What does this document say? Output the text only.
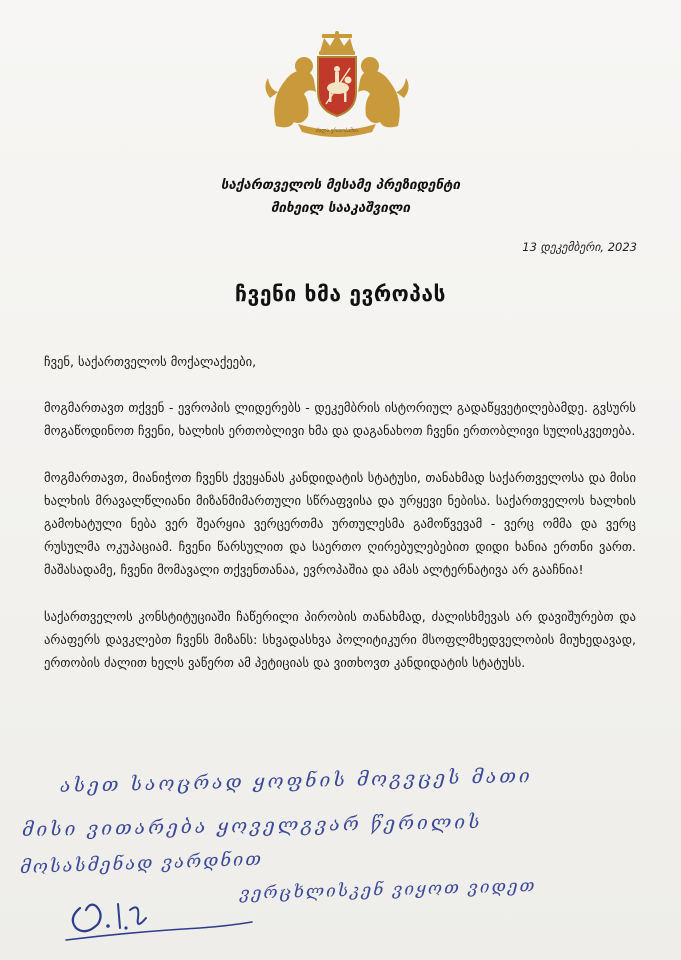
ძალა ერთობაშია
საქართველოს მესამე პრეზიდენტი
მიხეილ სააკაშვილი
13 დეკემბერი, 2023
ჩვენი ხმა ევროპას

ჩვენ, საქართველოს მოქალაქეები,

მოგმართავთ თქვენ - ევროპის ლიდერებს - დეკემბრის ისტორიულ გადაწყვეტილებამდე. გვსურს მოგაწოდინოთ ჩვენი, ხალხის ერთობლივი ხმა და დაგანახოთ ჩვენი ერთობლივი სულისკვეთება.

მოგმართავთ, მიანიჭოთ ჩვენს ქვეყანას კანდიდატის სტატუსი, თანახმად საქართველოსა და მისი ხალხის მრავალწლიანი მიზანმიმართული სწრაფვისა და ურყევი ნებისა. საქართველოს ხალხის გამოხატული ნება ვერ შეარყია ვერცერთმა ურთულესმა გამოწვევამ - ვერც ომმა და ვერც რუსულმა ოკუპაციამ. ჩვენი წარსულით და საერთო ღირებულებებით დიდი ხანია ერთნი ვართ. მაშასადამე, ჩვენი მომავალი თქვენთანაა, ევროპაშია და ამას ალტერნატივა არ გააჩნია!

საქართველოს კონსტიტუციაში ჩაწერილი პირობის თანახმად, ძალისხმევას არ დავიშურებთ და არაფერს დავკლებთ ჩვენს მიზანს: სხვადასხვა პოლიტიკური მსოფლმხედველობის მიუხედავად, ერთობის ძალით ხელს ვაწერთ ამ პეტიციას და ვითხოვთ კანდიდატის სტატუსს.

ასეთ საოცრად ყოფნის მოგვცეს მათი
მისი ვითარება ყოველგვარ წერილის
მოსასმენად ვარდნით
ვერცხლისკენ ვიყოთ ვიდეთ
